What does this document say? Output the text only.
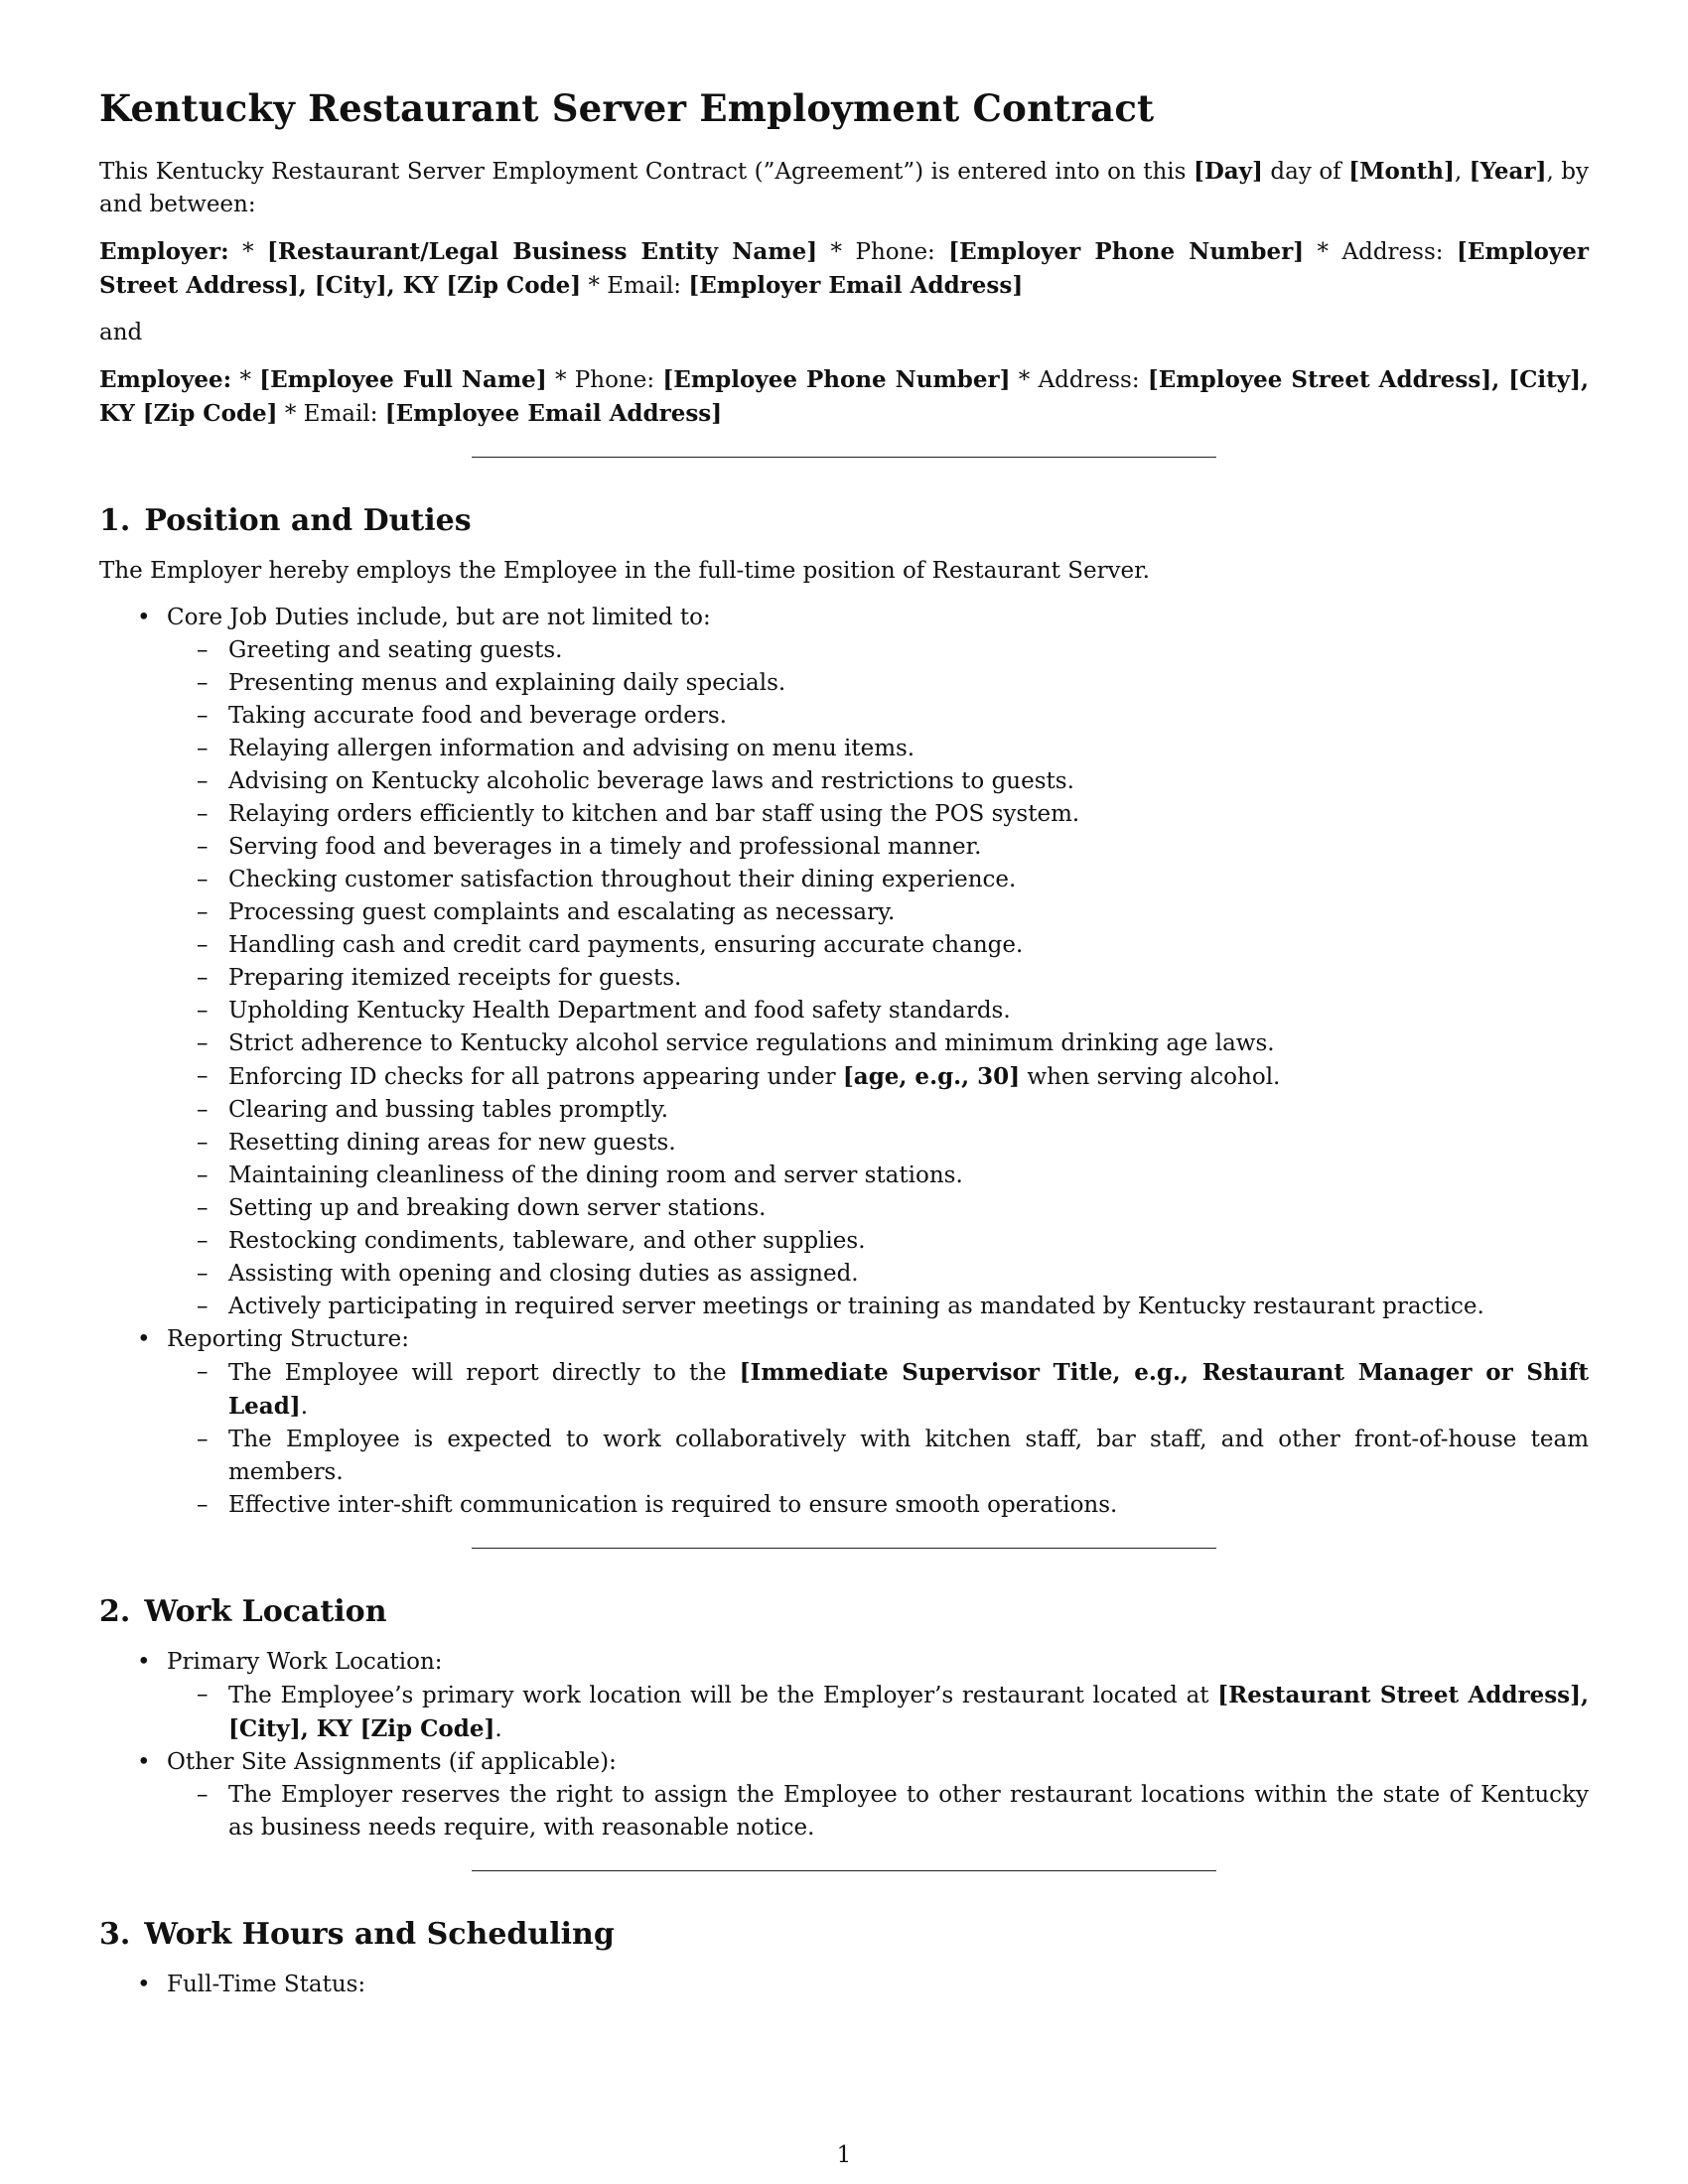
Kentucky Restaurant Server Employment Contract

This Kentucky Restaurant Server Employment Contract (”Agreement”) is entered into on this [Day] day of [Month], [Year], by and between:

Employer: * [Restaurant/Legal Business Entity Name] * Phone: [Employer Phone Number] * Address: [Employer Street Address], [City], KY [Zip Code] * Email: [Employer Email Address]

and

Employee: * [Employee Full Name] * Phone: [Employee Phone Number] * Address: [Employee Street Address], [City], KY [Zip Code] * Email: [Employee Email Address]

1. Position and Duties

The Employer hereby employs the Employee in the full-time position of Restaurant Server.

• Core Job Duties include, but are not limited to:
– Greeting and seating guests.
– Presenting menus and explaining daily specials.
– Taking accurate food and beverage orders.
– Relaying allergen information and advising on menu items.
– Advising on Kentucky alcoholic beverage laws and restrictions to guests.
– Relaying orders efficiently to kitchen and bar staff using the POS system.
– Serving food and beverages in a timely and professional manner.
– Checking customer satisfaction throughout their dining experience.
– Processing guest complaints and escalating as necessary.
– Handling cash and credit card payments, ensuring accurate change.
– Preparing itemized receipts for guests.
– Upholding Kentucky Health Department and food safety standards.
– Strict adherence to Kentucky alcohol service regulations and minimum drinking age laws.
– Enforcing ID checks for all patrons appearing under [age, e.g., 30] when serving alcohol.
– Clearing and bussing tables promptly.
– Resetting dining areas for new guests.
– Maintaining cleanliness of the dining room and server stations.
– Setting up and breaking down server stations.
– Restocking condiments, tableware, and other supplies.
– Assisting with opening and closing duties as assigned.
– Actively participating in required server meetings or training as mandated by Kentucky restaurant practice.
• Reporting Structure:
– The Employee will report directly to the [Immediate Supervisor Title, e.g., Restaurant Manager or Shift Lead].
– The Employee is expected to work collaboratively with kitchen staff, bar staff, and other front-of-house team members.
– Effective inter-shift communication is required to ensure smooth operations.
2. Work Location
• Primary Work Location:
– The Employee’s primary work location will be the Employer’s restaurant located at [Restaurant Street Address], [City], KY [Zip Code].
• Other Site Assignments (if applicable):
– The Employer reserves the right to assign the Employee to other restaurant locations within the state of Kentucky as business needs require, with reasonable notice.
3. Work Hours and Scheduling
• Full-Time Status:
1
